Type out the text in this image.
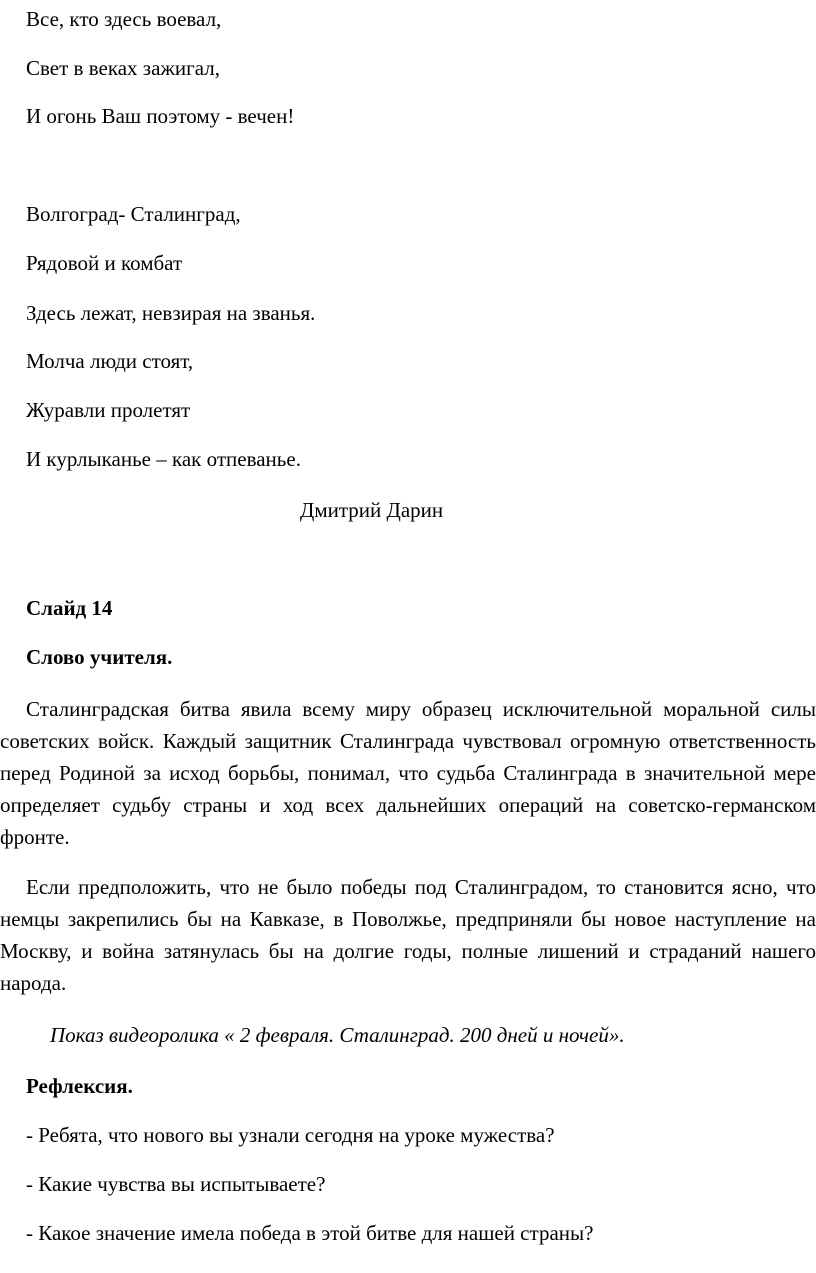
Все, кто здесь воевал,
Свет в веках зажигал,
И огонь Ваш поэтому - вечен!
Волгоград- Сталинград,
Рядовой и комбат
Здесь лежат, невзирая на званья.
Молча люди стоят,
Журавли пролетят
И курлыканье – как отпеванье.
Дмитрий Дарин
Слайд 14
Слово учителя.

Сталинградская битва явила всему миру образец исключительной моральной силы советских войск. Каждый защитник Сталинграда чувствовал огромную ответственность перед Родиной за исход борьбы, понимал, что судьба Сталинграда в значительной мере определяет судьбу страны и ход всех дальнейших операций на советско-германском фронте.

Если предположить, что не было победы под Сталинградом, то становится ясно, что немцы закрепились бы на Кавказе, в Поволжье, предприняли бы новое наступление на Москву, и война затянулась бы на долгие годы, полные лишений и страданий нашего народа.

Показ видеоролика « 2 февраля. Сталинград. 200 дней и ночей».
Рефлексия.
- Ребята, что нового вы узнали сегодня на уроке мужества?
- Какие чувства вы испытываете?
- Какое значение имела победа в этой битве для нашей страны?
